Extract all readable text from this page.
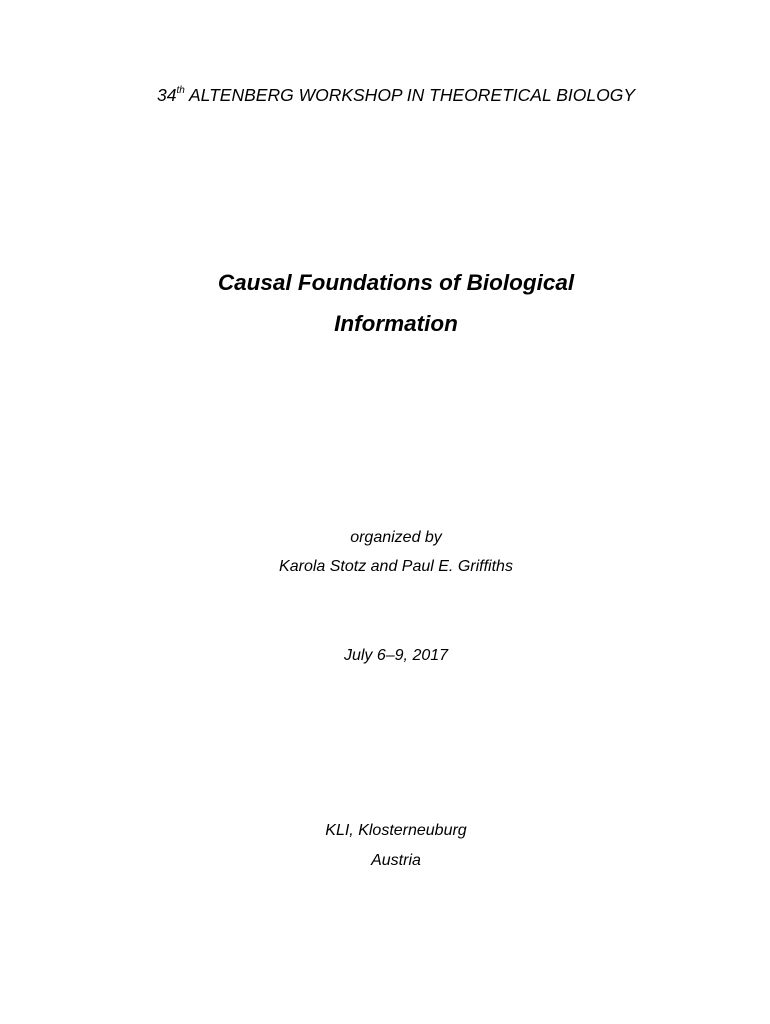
34th ALTENBERG WORKSHOP IN THEORETICAL BIOLOGY
Causal Foundations of Biological
Information
organized by
Karola Stotz and Paul E. Griffiths
July 6–9, 2017
KLI, Klosterneuburg
Austria
